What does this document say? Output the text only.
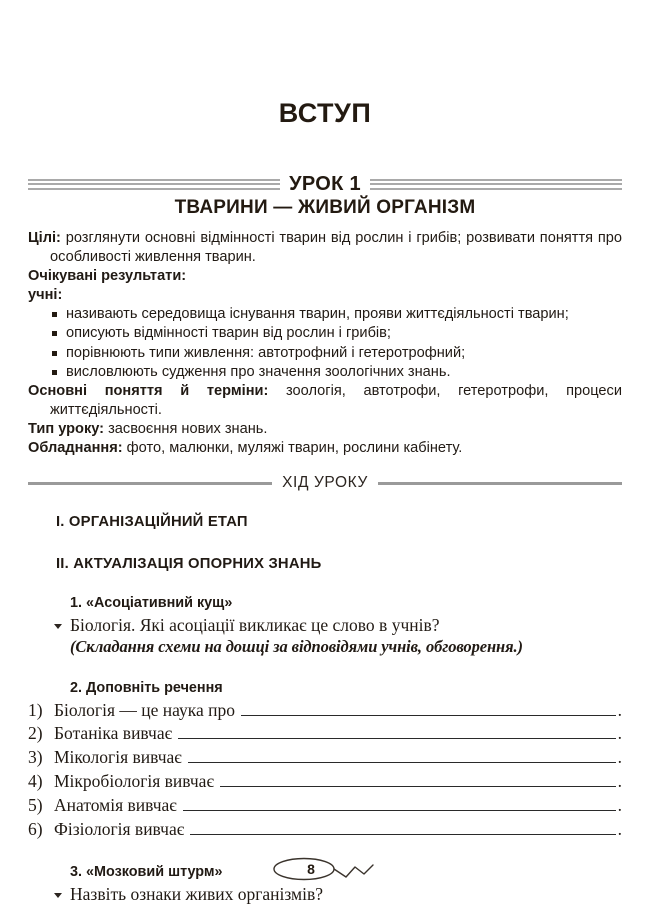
ВСТУП
УРОК 1
ТВАРИНИ — ЖИВИЙ ОРГАНІЗМ

Цілі: розглянути основні відмінності тварин від рослин і грибів; розвивати поняття про особливості живлення тварин.

Очікувані результати:

учні:

називають середовища існування тварин, прояви життєдіяльності тварин;
описують відмінності тварин від рослин і грибів;
порівнюють типи живлення: автотрофний і гетеротрофний;
висловлюють судження про значення зоологічних знань.

Основні поняття й терміни: зоологія, автотрофи, гетеротрофи, процеси життєдіяльності.

Тип уроку: засвоєння нових знань.

Обладнання: фото, малюнки, муляжі тварин, рослини кабінету.

ХІД УРОКУ

I. ОРГАНІЗАЦІЙНИЙ ЕТАП

II. АКТУАЛІЗАЦІЯ ОПОРНИХ ЗНАНЬ

1. «Асоціативний кущ»

Біологія. Які асоціації викликає це слово в учнів?
(Складання схеми на дошці за відповідями учнів, обговорення.)

2. Доповніть речення

1) Біологія — це наука про	.
2) Ботаніка вивчає	.
3) Мікологія вивчає	.
4) Мікробіологія вивчає	.
5) Анатомія вивчає	.
6) Фізіологія вивчає	.

3. «Мозковий штурм»

Назвіть ознаки живих організмів?

8
